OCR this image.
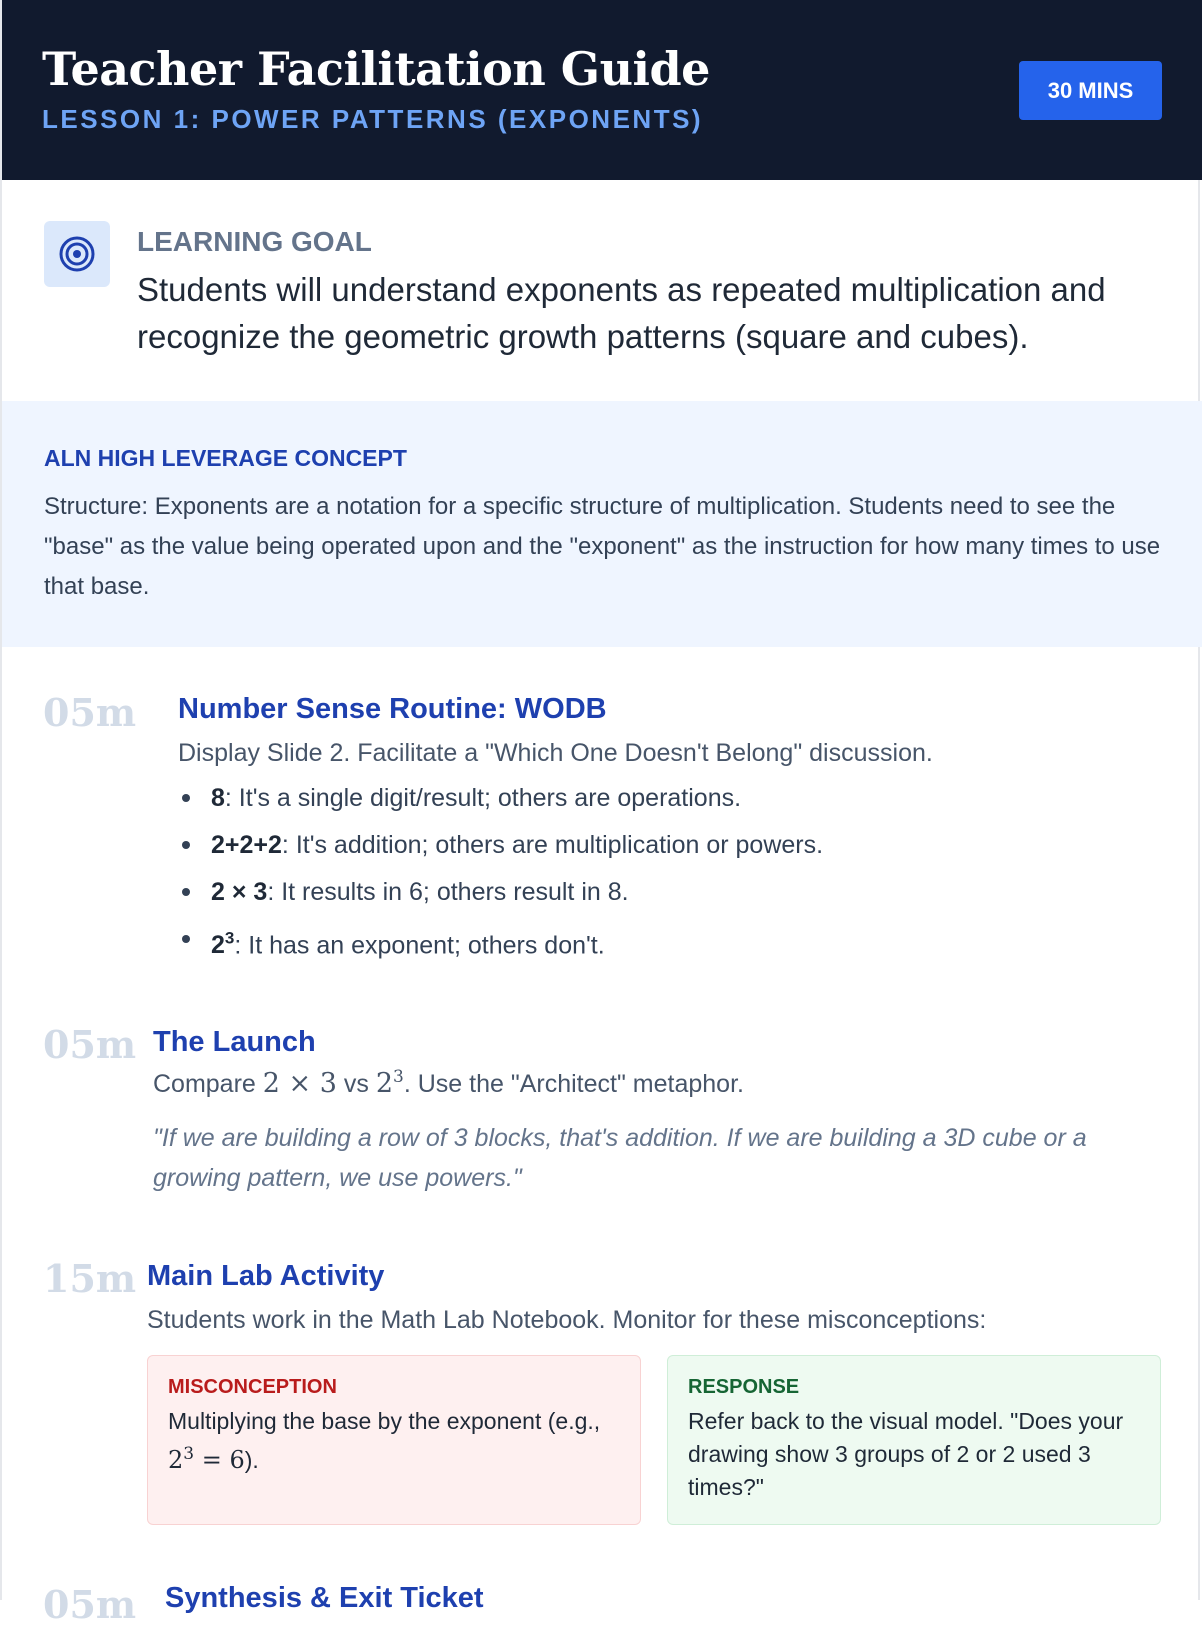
Teacher Facilitation Guide
LESSON 1: POWER PATTERNS (EXPONENTS)
30 MINS
LEARNING GOAL
Students will understand exponents as repeated multiplication and recognize the geometric growth patterns (square and cubes).
ALN HIGH LEVERAGE CONCEPT
Structure: Exponents are a notation for a specific structure of multiplication. Students need to see the "base" as the value being operated upon and the "exponent" as the instruction for how many times to use that base.
05m Number Sense Routine: WODB
Display Slide 2. Facilitate a "Which One Doesn't Belong" discussion.
8: It's a single digit/result; others are operations.
2+2+2: It's addition; others are multiplication or powers.
2 × 3: It results in 6; others result in 8.
$2^3$: It has an exponent; others don't.
05m The Launch
Compare 2 × 3 vs $2^3$. Use the "Architect" metaphor.
"If we are building a row of 3 blocks, that's addition. If we are building a 3D cube or a growing pattern, we use powers."
15m Main Lab Activity
Students work in the Math Lab Notebook. Monitor for these misconceptions:
MISCONCEPTION
Multiplying the base by the exponent (e.g., $2^3 = 6$).
RESPONSE
Refer back to the visual model. "Does your drawing show 3 groups of 2 or 2 used 3 times?"
05m Synthesis & Exit Ticket
